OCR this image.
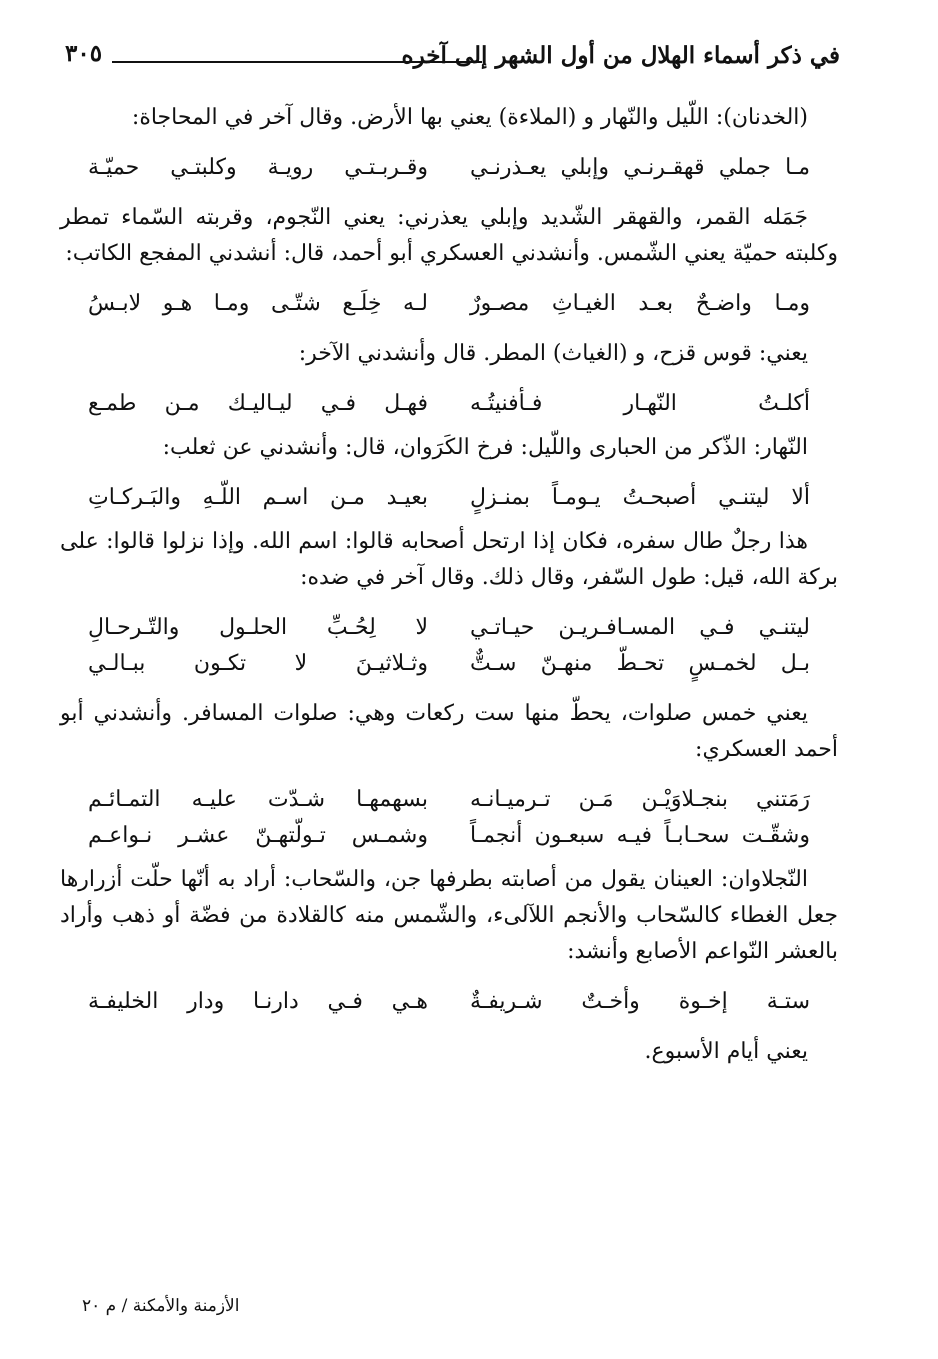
في ذكر أسماء الهلال من أول الشهر إلى آخره
٣٠٥

(الخدنان): اللّيل والنّهار و (الملاءة) يعني بها الأرض. وقال آخر في المحاجاة:

مـا جملي قهقـرنـي وإبلي يعـذرنـي
وقـربـتـي رويـة وكلبتـي حميّـة

جَمَله القمر، والقهقر الشّديد وإبلي يعذرني: يعني النّجوم، وقربته السّماء تمطر وكلبته حميّة يعني الشّمس. وأنشدني العسكري أبو أحمد، قال: أنشدني المفجع الكاتب:

ومـا واضـحٌ بعـد الغيـاثِ مصـورٌ
لـه خِلَـع شتّـى ومـا هـو لابـسُ

يعني: قوس قزح، و (الغياث) المطر. قال وأنشدني الآخر:

أكلـتُ النّهـار فـأفنيتُـه
فهـل فـي ليـاليـك مـن طمـع

النّهار: الذّكر من الحبارى واللّيل: فرخ الكَرَوان، قال: وأنشدني عن ثعلب:

ألا ليتنـي أصبحـتُ يـومـاً بمنـزلٍ
بعيـد مـن اسـم اللّـهِ والبَـركـاتِ

هذا رجلٌ طال سفره، فكان إذا ارتحل أصحابه قالوا: اسم الله. وإذا نزلوا قالوا: على بركة الله، قيل: طول السّفر، وقال ذلك. وقال آخر في ضده:

ليتنـي فـي المسـافـريـن حيـاتـي
لا لِحُـبِّ الحلـول والتّـرحـالِ
بـل لخمـسٍ تحـطّ منهـنّ سـتٌّ
وثـلاثيـنَ لا تكـون ببـالـي

يعني خمس صلوات، يحطّ منها ست ركعات وهي: صلوات المسافر. وأنشدني أبو أحمد العسكري:

رَمَتني بنجـلاوَيْـن مَـن تـرميـانـه
بسهمهـا شـدّت عليـه التمـائـم
وشقّـت سحـابـاً فيـه سبعـون أنجمـاً
وشمـس تـولّتهـنّ عشـر نـواعـم

النّجلاوان: العينان يقول من أصابته بطرفها جن، والسّحاب: أراد به أنّها حلّت أزرارها جعل الغطاء كالسّحاب والأنجم اللآلىء، والشّمس منه كالقلادة من فضّة أو ذهب وأراد بالعشر النّواعم الأصابع وأنشد:

ستـة إخـوة وأخـتٌ شـريفـةٌ
هـي فـي دارنـا ودار الخليفـة

يعني أيام الأسبوع.

الأزمنة والأمكنة / م ٢٠
